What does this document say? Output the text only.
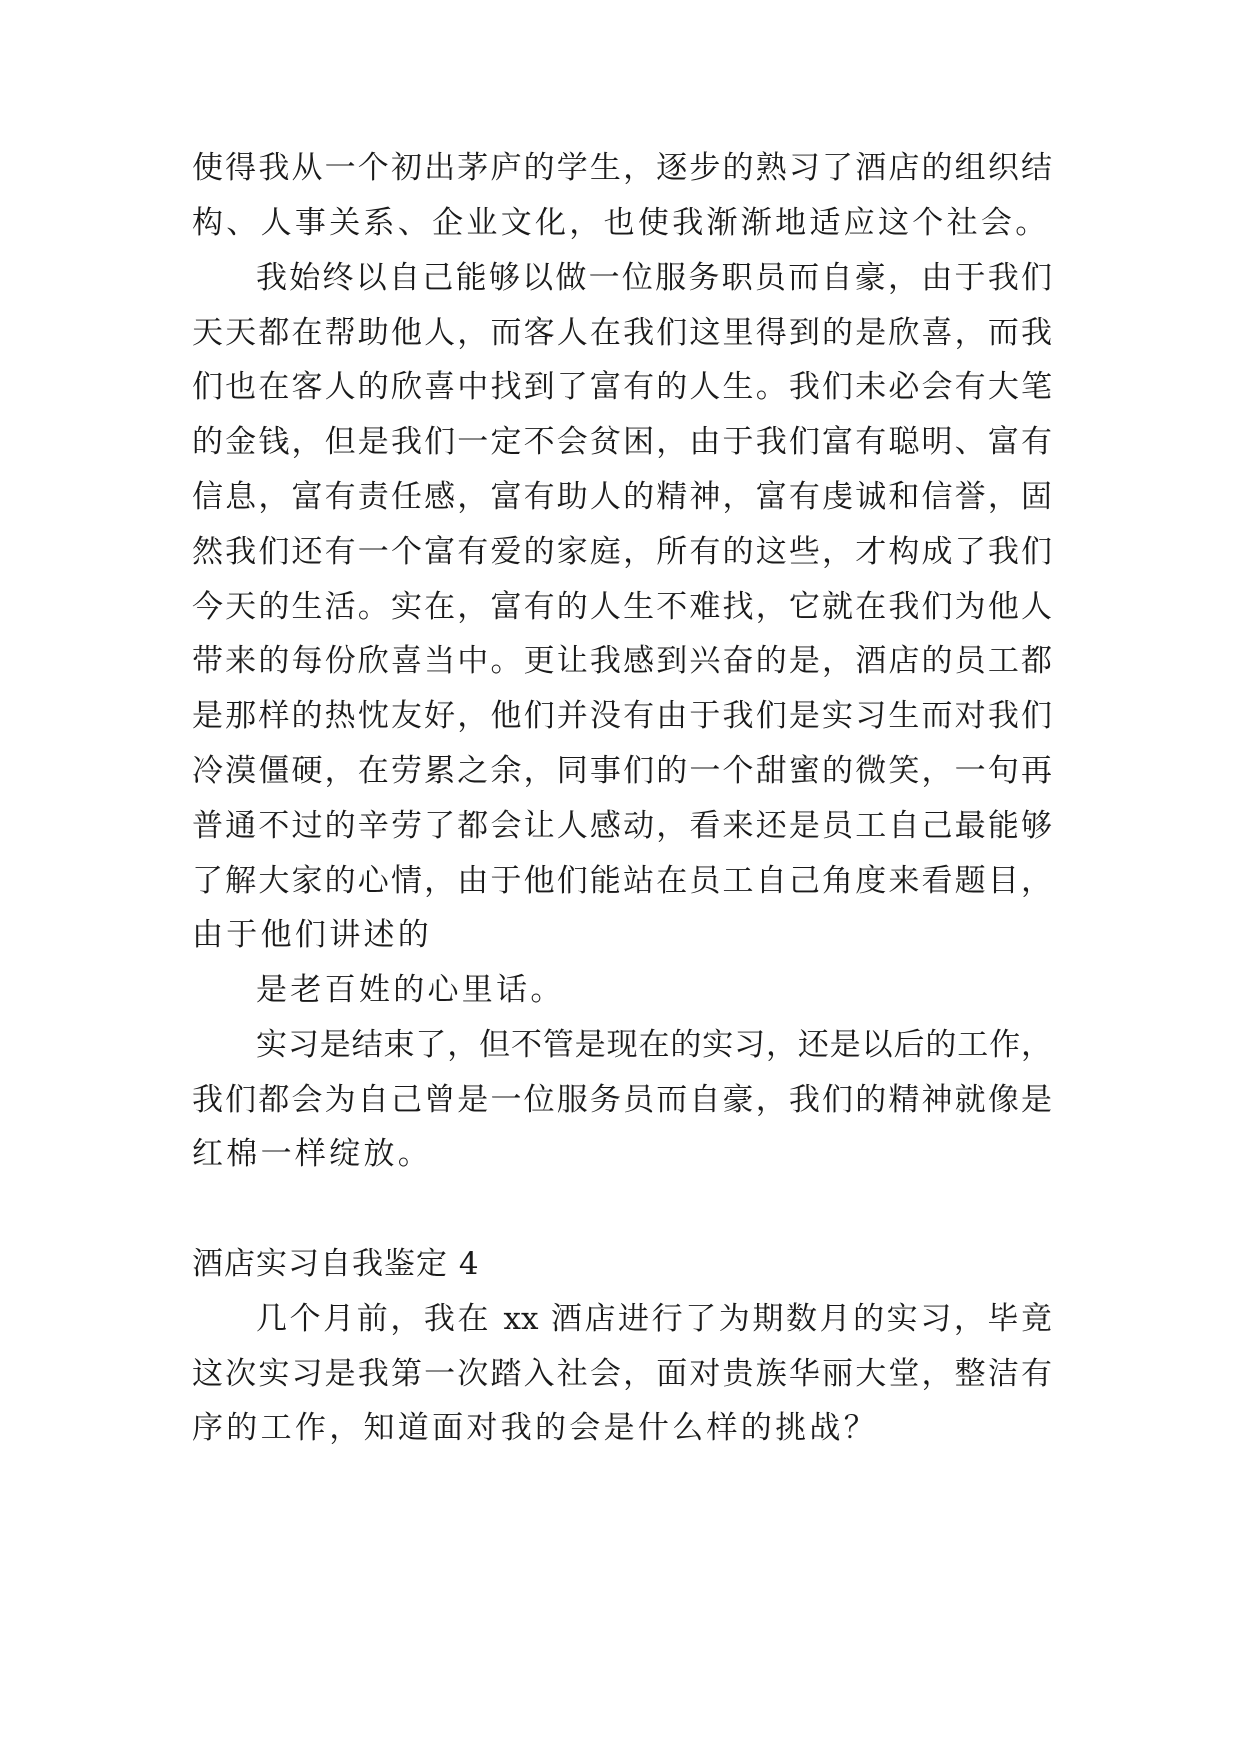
使得我从一个初出茅庐的学生，逐步的熟习了酒店的组织结
构、人事关系、企业文化，也使我渐渐地适应这个社会。
我始终以自己能够以做一位服务职员而自豪，由于我们
天天都在帮助他人，而客人在我们这里得到的是欣喜，而我
们也在客人的欣喜中找到了富有的人生。我们未必会有大笔
的金钱，但是我们一定不会贫困，由于我们富有聪明、富有
信息，富有责任感，富有助人的精神，富有虔诚和信誉，固
然我们还有一个富有爱的家庭，所有的这些，才构成了我们
今天的生活。实在，富有的人生不难找，它就在我们为他人
带来的每份欣喜当中。更让我感到兴奋的是，酒店的员工都
是那样的热忱友好，他们并没有由于我们是实习生而对我们
冷漠僵硬，在劳累之余，同事们的一个甜蜜的微笑，一句再
普通不过的辛劳了都会让人感动，看来还是员工自己最能够
了解大家的心情，由于他们能站在员工自己角度来看题目，
由于他们讲述的
是老百姓的心里话。
实习是结束了，但不管是现在的实习，还是以后的工作，
我们都会为自己曾是一位服务员而自豪，我们的精神就像是
红棉一样绽放。
酒店实习自我鉴定 4
几个月前，我在 xx 酒店进行了为期数月的实习，毕竟
这次实习是我第一次踏入社会，面对贵族华丽大堂，整洁有
序的工作，知道面对我的会是什么样的挑战？
